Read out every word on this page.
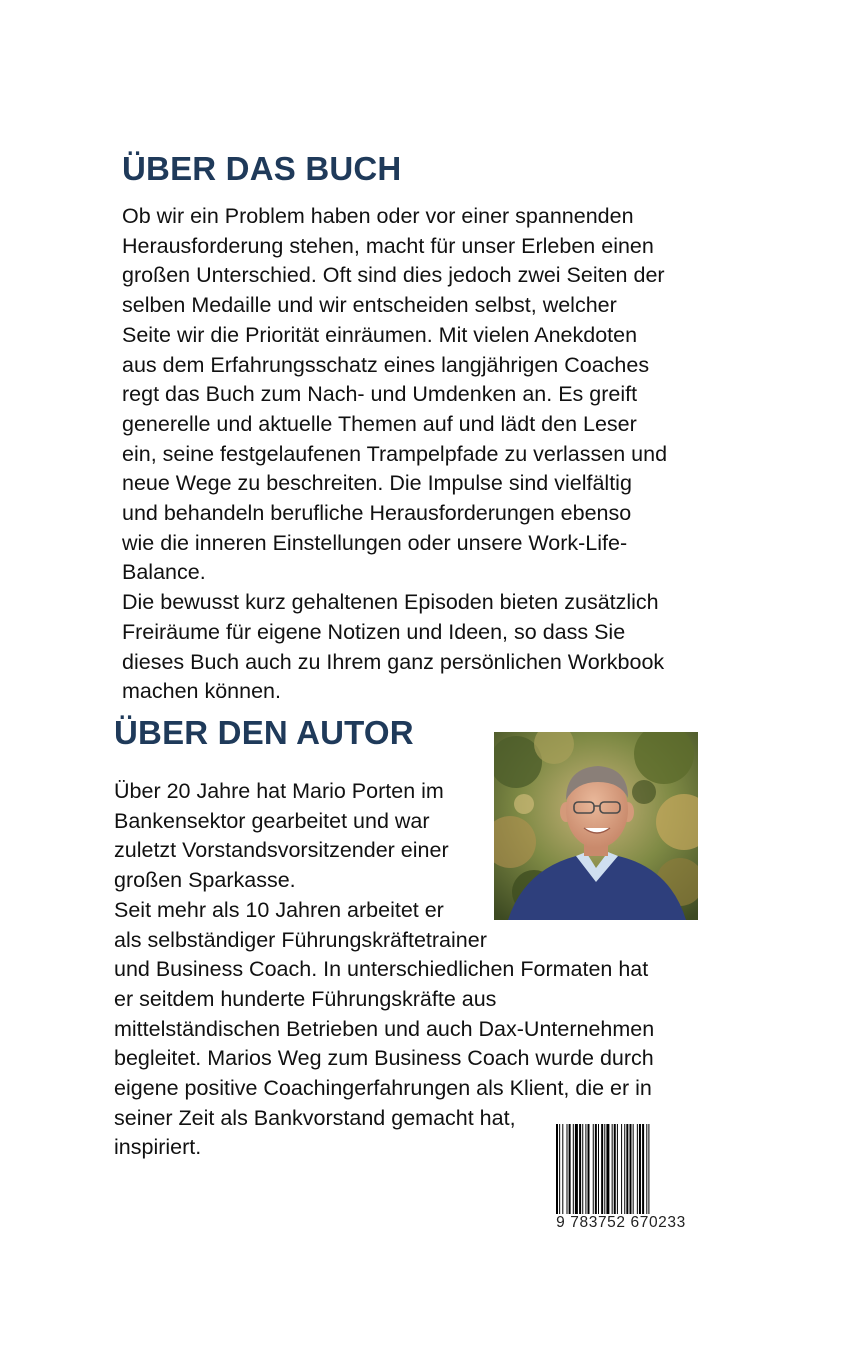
ÜBER DAS BUCH
Ob wir ein Problem haben oder vor einer spannenden
Herausforderung stehen, macht für unser Erleben einen
großen Unterschied. Oft sind dies jedoch zwei Seiten der
selben Medaille und wir entscheiden selbst, welcher
Seite wir die Priorität einräumen. Mit vielen Anekdoten
aus dem Erfahrungsschatz eines langjährigen Coaches
regt das Buch zum Nach- und Umdenken an. Es greift
generelle und aktuelle Themen auf und lädt den Leser
ein, seine festgelaufenen Trampelpfade zu verlassen und
neue Wege zu beschreiten. Die Impulse sind vielfältig
und behandeln berufliche Herausforderungen ebenso
wie die inneren Einstellungen oder unsere Work-Life-
Balance.
Die bewusst kurz gehaltenen Episoden bieten zusätzlich
Freiräume für eigene Notizen und Ideen, so dass Sie
dieses Buch auch zu Ihrem ganz persönlichen Workbook
machen können.
ÜBER DEN AUTOR
Über 20 Jahre hat Mario Porten im
Bankensektor gearbeitet und war
zuletzt Vorstandsvorsitzender einer
großen Sparkasse.
Seit mehr als 10 Jahren arbeitet er
als selbständiger Führungskräftetrainer
und Business Coach. In unterschiedlichen Formaten hat
er seitdem hunderte Führungskräfte aus
mittelständischen Betrieben und auch Dax-Unternehmen
begleitet. Marios Weg zum Business Coach wurde durch
eigene positive Coachingerfahrungen als Klient, die er in
seiner Zeit als Bankvorstand gemacht hat,
inspiriert.
9 783752 670233
